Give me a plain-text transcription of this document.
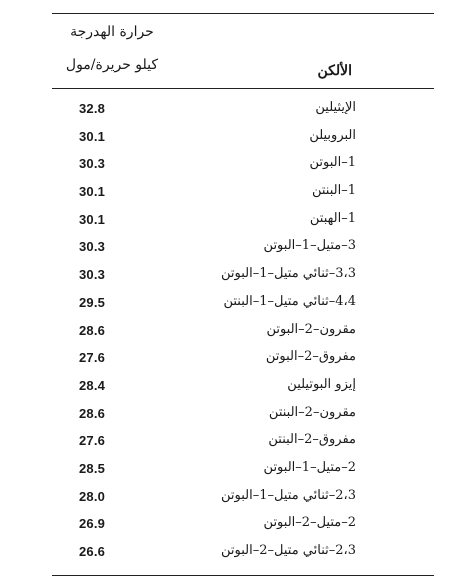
حرارة الهدرجة
كيلو حريرة/مول	الألكن
32.8	الإيثيلين
30.1	البروبيلن
30.3	1–البوتن
30.1	1–البنتن
30.1	1–الهبتن
30.3	3–متيل–1–البوتن
30.3	3،3–ثنائي متيل–1–البوتن
29.5	4،4–ثنائي متيل–1–البنتن
28.6	مقرون–2–البوتن
27.6	مفروق–2–البوتن
28.4	إيزو البوتيلين
28.6	مقرون–2–البنتن
27.6	مفروق–2–البنتن
28.5	2–متيل–1–البوتن
28.0	2،3–ثنائي متيل–1–البوتن
26.9	2–متيل–2–البوتن
26.6	2،3–ثنائي متيل–2–البوتن
